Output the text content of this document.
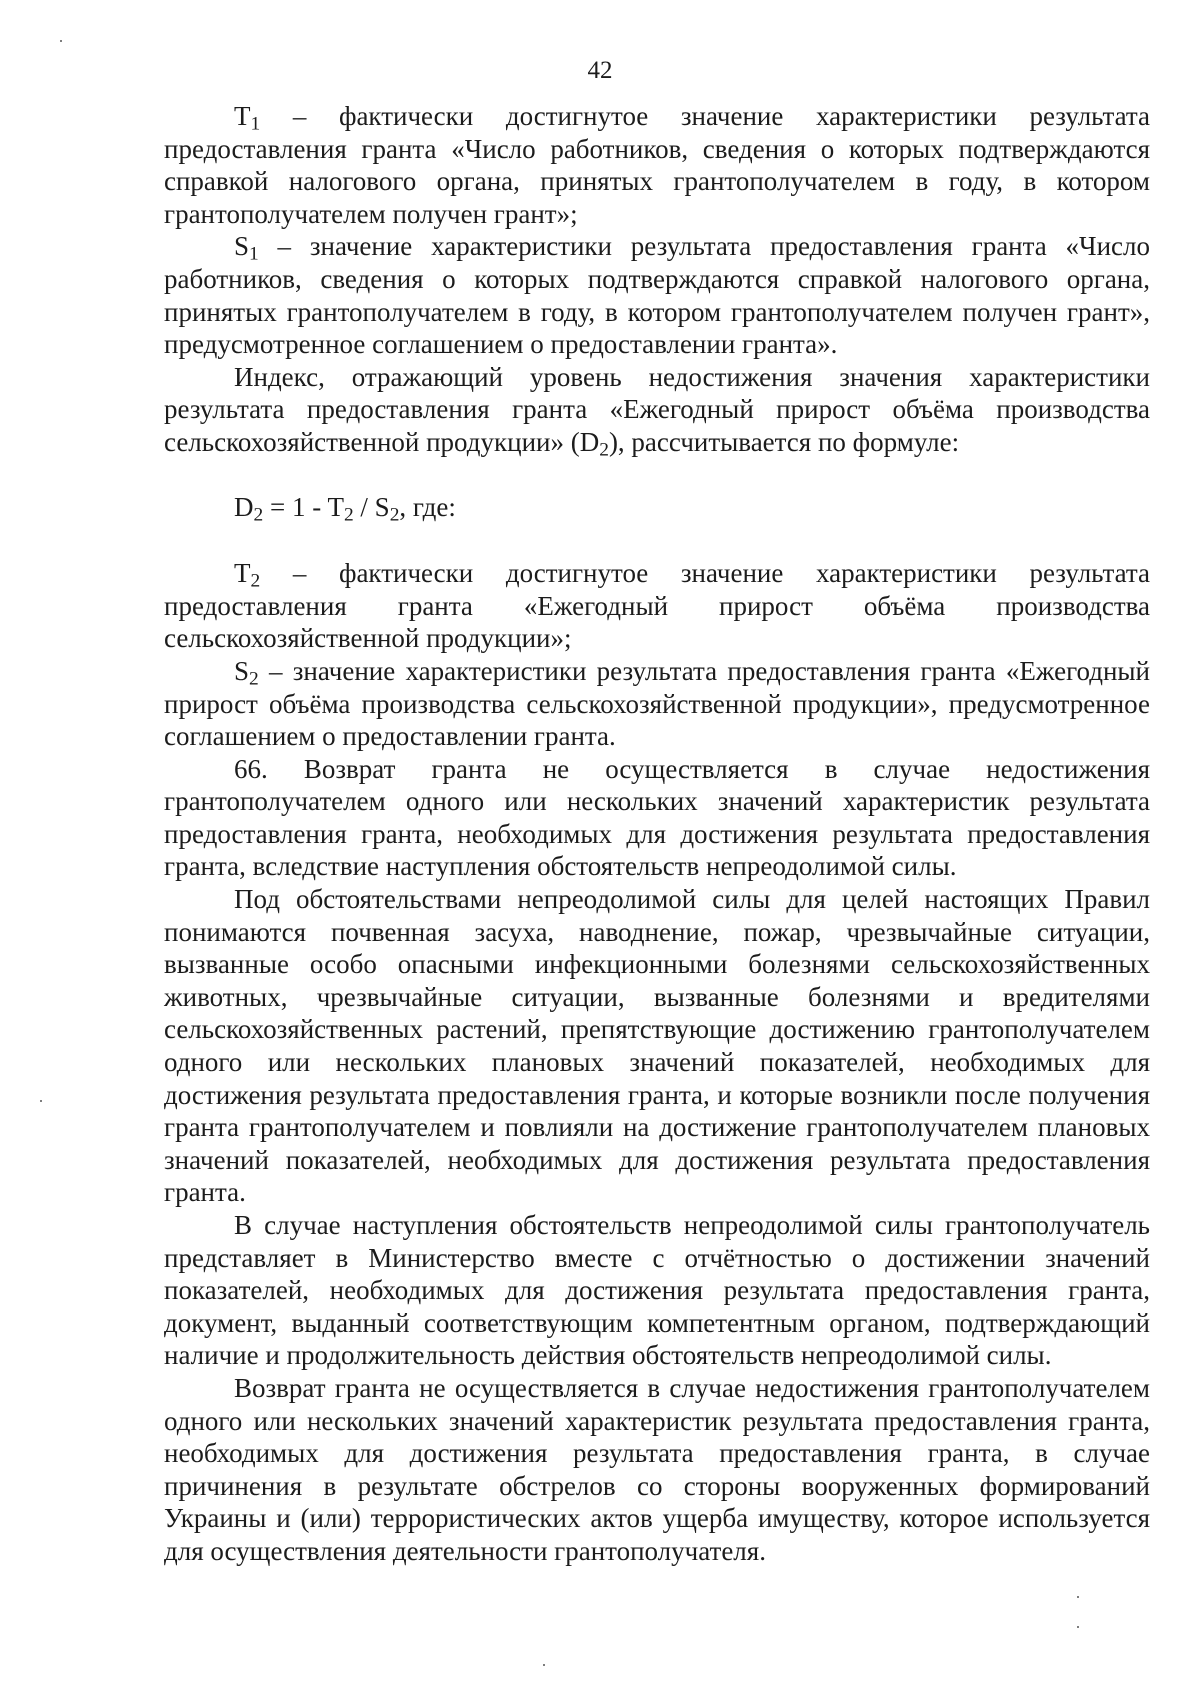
42

$T_1$ – фактически достигнутое значение характеристики результата предоставления гранта «Число работников, сведения о которых подтверждаются справкой налогового органа, принятых грантополучателем в году, в котором грантополучателем получен грант»;

$S_1$ – значение характеристики результата предоставления гранта «Число работников, сведения о которых подтверждаются справкой налогового органа, принятых грантополучателем в году, в котором грантополучателем получен грант», предусмотренное соглашением о предоставлении гранта».

Индекс, отражающий уровень недостижения значения характеристики результата предоставления гранта «Ежегодный прирост объёма производства сельскохозяйственной продукции» $(D_2)$, рассчитывается по формуле:

$D_2 = 1 - T_2 / S_2$, где:

$T_2$ – фактически достигнутое значение характеристики результата предоставления гранта «Ежегодный прирост объёма производства сельскохозяйственной продукции»;

$S_2$ – значение характеристики результата предоставления гранта «Ежегодный прирост объёма производства сельскохозяйственной продукции», предусмотренное соглашением о предоставлении гранта.

66. Возврат гранта не осуществляется в случае недостижения грантополучателем одного или нескольких значений характеристик результата предоставления гранта, необходимых для достижения результата предоставления гранта, вследствие наступления обстоятельств непреодолимой силы.

Под обстоятельствами непреодолимой силы для целей настоящих Правил понимаются почвенная засуха, наводнение, пожар, чрезвычайные ситуации, вызванные особо опасными инфекционными болезнями сельскохозяйственных животных, чрезвычайные ситуации, вызванные болезнями и вредителями сельскохозяйственных растений, препятствующие достижению грантополучателем одного или нескольких плановых значений показателей, необходимых для достижения результата предоставления гранта, и которые возникли после получения гранта грантополучателем и повлияли на достижение грантополучателем плановых значений показателей, необходимых для достижения результата предоставления гранта.

В случае наступления обстоятельств непреодолимой силы грантополучатель представляет в Министерство вместе с отчётностью о достижении значений показателей, необходимых для достижения результата предоставления гранта, документ, выданный соответствующим компетентным органом, подтверждающий наличие и продолжительность действия обстоятельств непреодолимой силы.

Возврат гранта не осуществляется в случае недостижения грантополучателем одного или нескольких значений характеристик результата предоставления гранта, необходимых для достижения результата предоставления гранта, в случае причинения в результате обстрелов со стороны вооруженных формирований Украины и (или) террористических актов ущерба имуществу, которое используется для осуществления деятельности грантополучателя.
